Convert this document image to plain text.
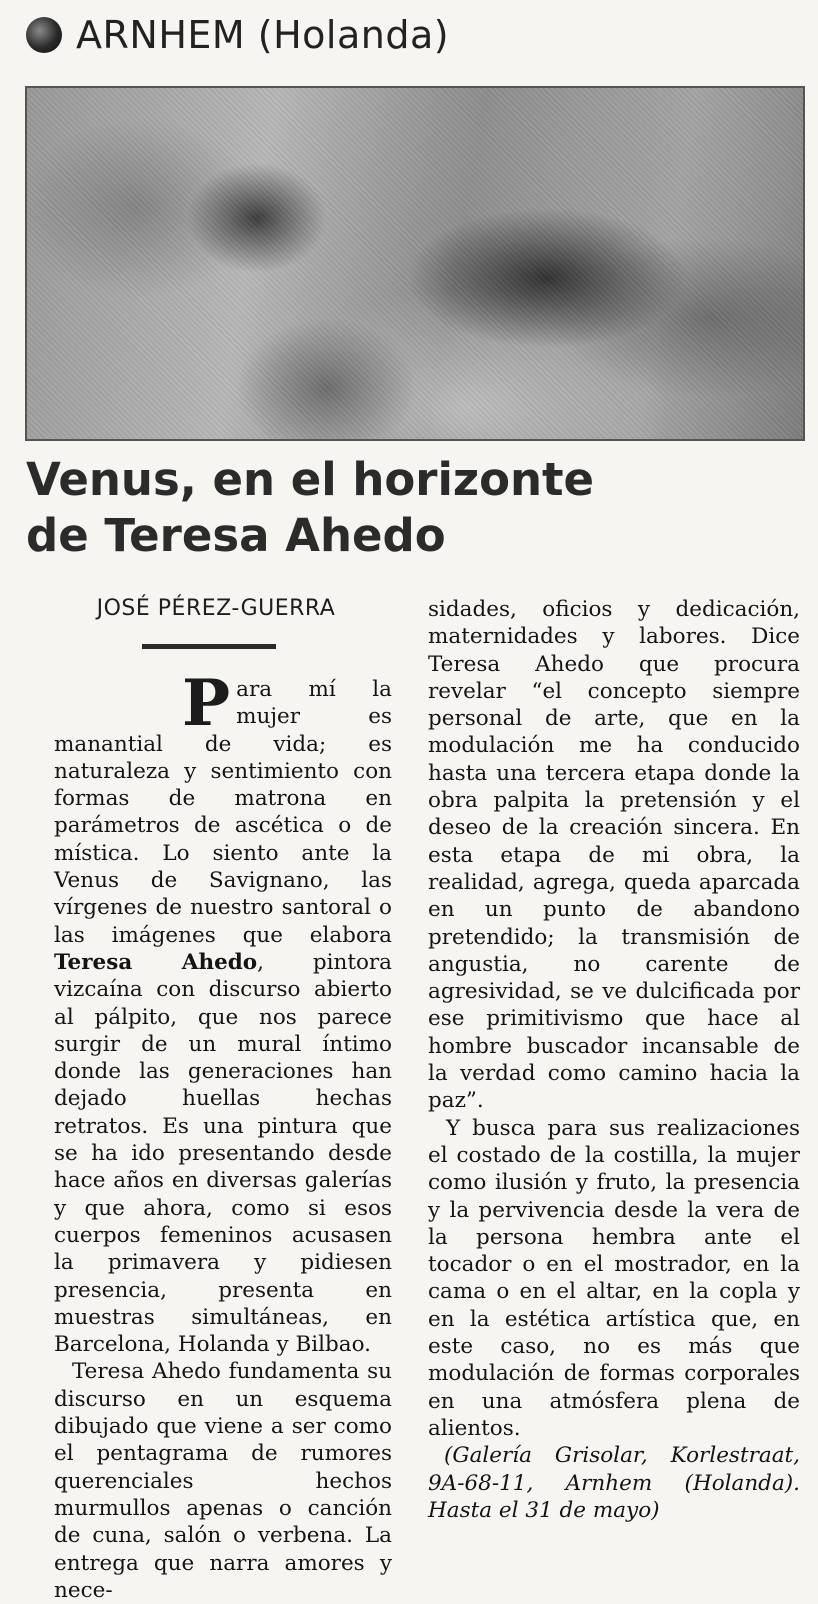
ARNHEM (Holanda)
Venus, en el horizonte
de Teresa Ahedo
JOSÉ PÉREZ-GUERRA

Para mí la mujer es manantial de vida; es naturaleza y sentimiento con formas de matrona en parámetros de ascética o de mística. Lo siento ante la Venus de Savignano, las vírgenes de nuestro santoral o las imágenes que elabora Teresa Ahedo, pintora vizcaína con discurso abierto al pálpito, que nos parece surgir de un mural íntimo donde las generaciones han dejado huellas hechas retratos. Es una pintura que se ha ido presentando desde hace años en diversas galerías y que ahora, como si esos cuerpos femeninos acusasen la primavera y pidiesen presencia, presenta en muestras simultáneas, en Barcelona, Holanda y Bilbao.

Teresa Ahedo fundamenta su discurso en un esquema dibujado que viene a ser como el pentagrama de rumores querenciales hechos murmullos apenas o canción de cuna, salón o verbena. La entrega que narra amores y nece-

sidades, oficios y dedicación, maternidades y labores. Dice Teresa Ahedo que procura revelar “el concepto siempre personal de arte, que en la modulación me ha conducido hasta una tercera etapa donde la obra palpita la pretensión y el deseo de la creación sincera. En esta etapa de mi obra, la realidad, agrega, queda aparcada en un punto de abandono pretendido; la transmisión de angustia, no carente de agresividad, se ve dulcificada por ese primitivismo que hace al hombre buscador incansable de la verdad como camino hacia la paz”.

Y busca para sus realizaciones el costado de la costilla, la mujer como ilusión y fruto, la presencia y la pervivencia desde la vera de la persona hembra ante el tocador o en el mostrador, en la cama o en el altar, en la copla y en la estética artística que, en este caso, no es más que modulación de formas corporales en una atmósfera plena de alientos.

(Galería Grisolar, Korlestraat, 9A-68-11, Arnhem (Holanda). Hasta el 31 de mayo)
